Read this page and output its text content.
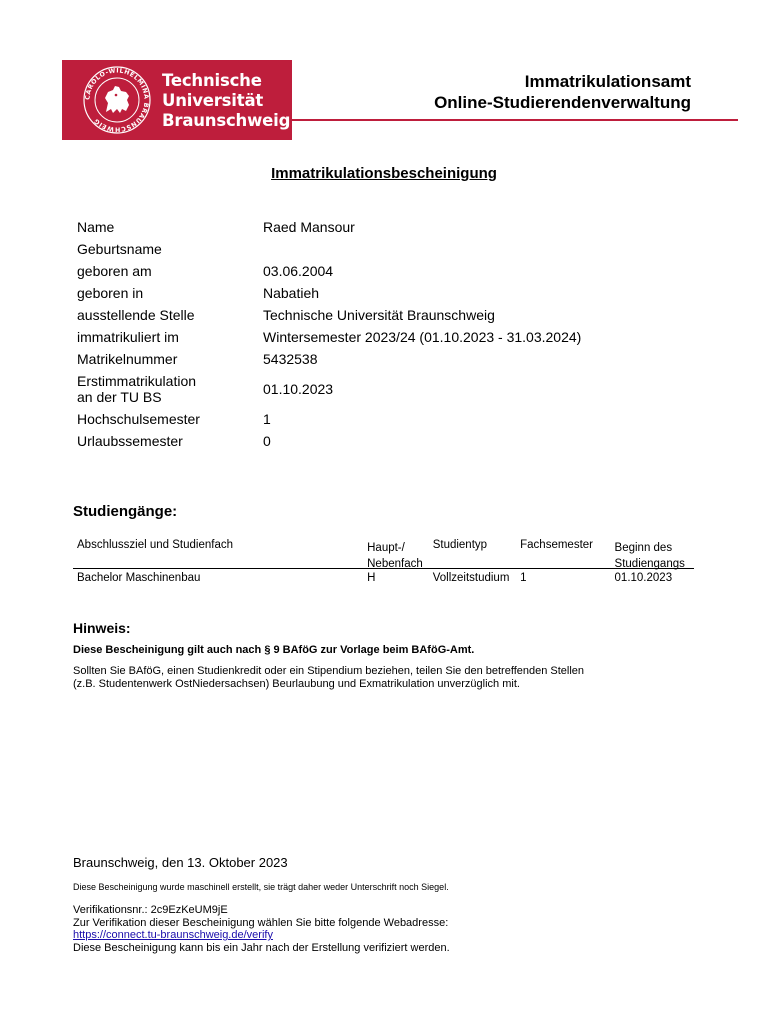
CAROLO-WILHELMINA BRAUNSCHWEIG
Technische
Universität
Braunschweig
Immatrikulationsamt
Online-Studierendenverwaltung
Immatrikulationsbescheinigung
Name	Raed Mansour
Geburtsname
geboren am	03.06.2004
geboren in	Nabatieh
ausstellende Stelle	Technische Universität Braunschweig
immatrikuliert im	Wintersemester 2023/24 (01.10.2023 - 31.03.2024)
Matrikelnummer	5432538
Erstimmatrikulation
an der TU BS	01.10.2023
Hochschulsemester	1
Urlaubssemester	0
Studiengänge:
Abschlussziel und Studienfach	Haupt-/
Nebenfach
Studientyp	Fachsemester	Beginn des
Studiengangs
Bachelor Maschinenbau	H	Vollzeitstudium 1	01.10.2023
Hinweis:
Diese Bescheinigung gilt auch nach § 9 BAföG zur Vorlage beim BAföG-Amt.
Sollten Sie BAföG, einen Studienkredit oder ein Stipendium beziehen, teilen Sie den betreffenden Stellen
(z.B. Studentenwerk OstNiedersachsen) Beurlaubung und Exmatrikulation unverzüglich mit.
Braunschweig, den 13. Oktober 2023
Diese Bescheinigung wurde maschinell erstellt, sie trägt daher weder Unterschrift noch Siegel.
Verifikationsnr.: 2c9EzKeUM9jE
Zur Verifikation dieser Bescheinigung wählen Sie bitte folgende Webadresse:
https://connect.tu-braunschweig.de/verify
Diese Bescheinigung kann bis ein Jahr nach der Erstellung verifiziert werden.
